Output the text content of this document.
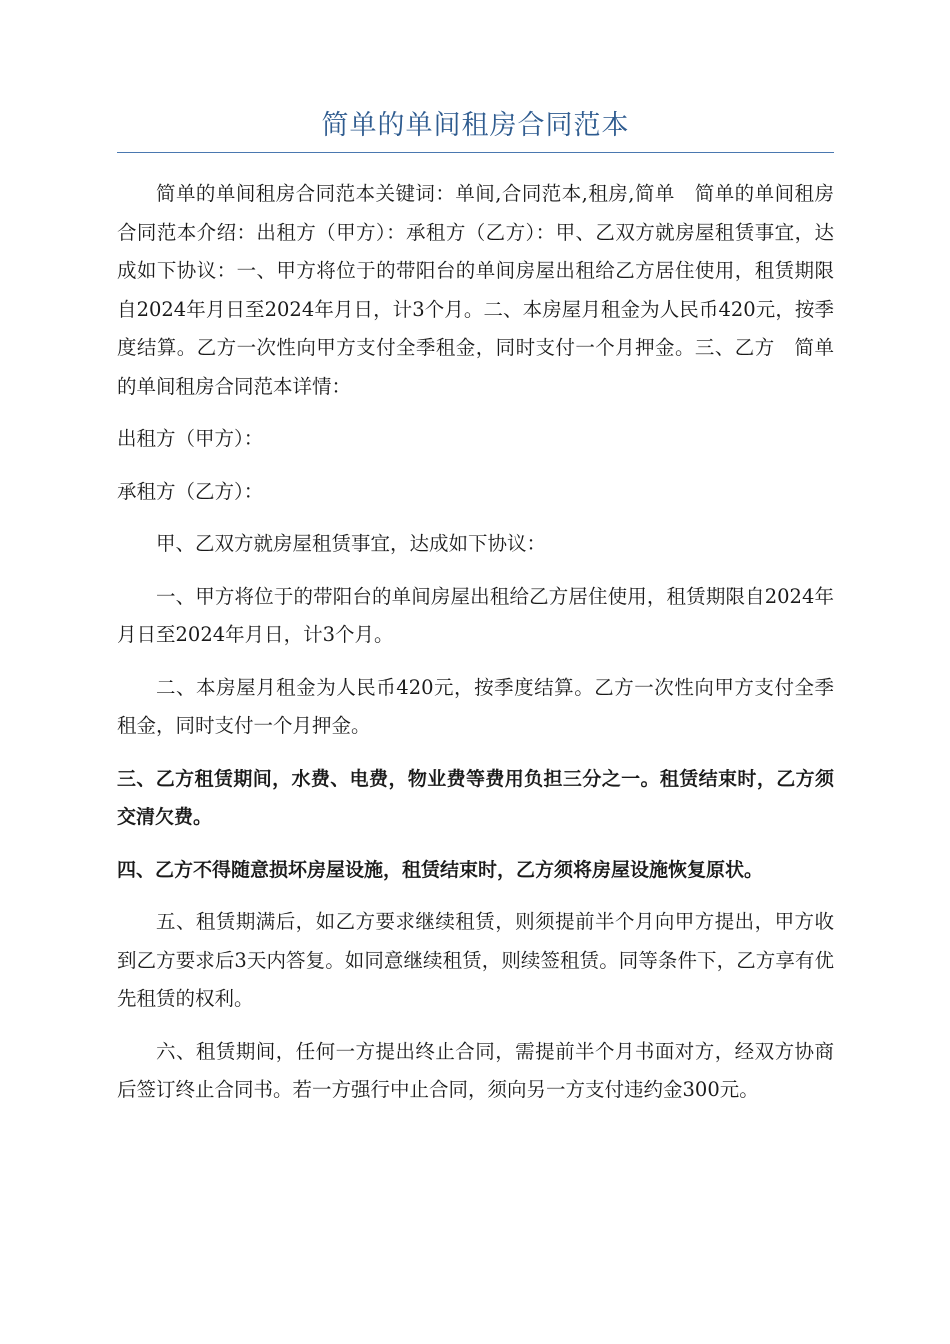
简单的单间租房合同范本

简单的单间租房合同范本关键词：单间,合同范本,租房,简单　简单的单间租房合同范本介绍：出租方（甲方）：承租方（乙方）：甲、乙双方就房屋租赁事宜，达成如下协议：一、甲方将位于的带阳台的单间房屋出租给乙方居住使用，租赁期限自2024年月日至2024年月日，计3个月。二、本房屋月租金为人民币420元，按季度结算。乙方一次性向甲方支付全季租金，同时支付一个月押金。三、乙方　简单的单间租房合同范本详情：

出租方（甲方）：

承租方（乙方）：

甲、乙双方就房屋租赁事宜，达成如下协议：

一、甲方将位于的带阳台的单间房屋出租给乙方居住使用，租赁期限自2024年月日至2024年月日，计3个月。

二、本房屋月租金为人民币420元，按季度结算。乙方一次性向甲方支付全季租金，同时支付一个月押金。

三、乙方租赁期间，水费、电费，物业费等费用负担三分之一。租赁结束时，乙方须交清欠费。

四、乙方不得随意损坏房屋设施，租赁结束时，乙方须将房屋设施恢复原状。

五、租赁期满后，如乙方要求继续租赁，则须提前半个月向甲方提出，甲方收到乙方要求后3天内答复。如同意继续租赁，则续签租赁。同等条件下，乙方享有优先租赁的权利。

六、租赁期间，任何一方提出终止合同，需提前半个月书面对方，经双方协商后签订终止合同书。若一方强行中止合同，须向另一方支付违约金300元。
